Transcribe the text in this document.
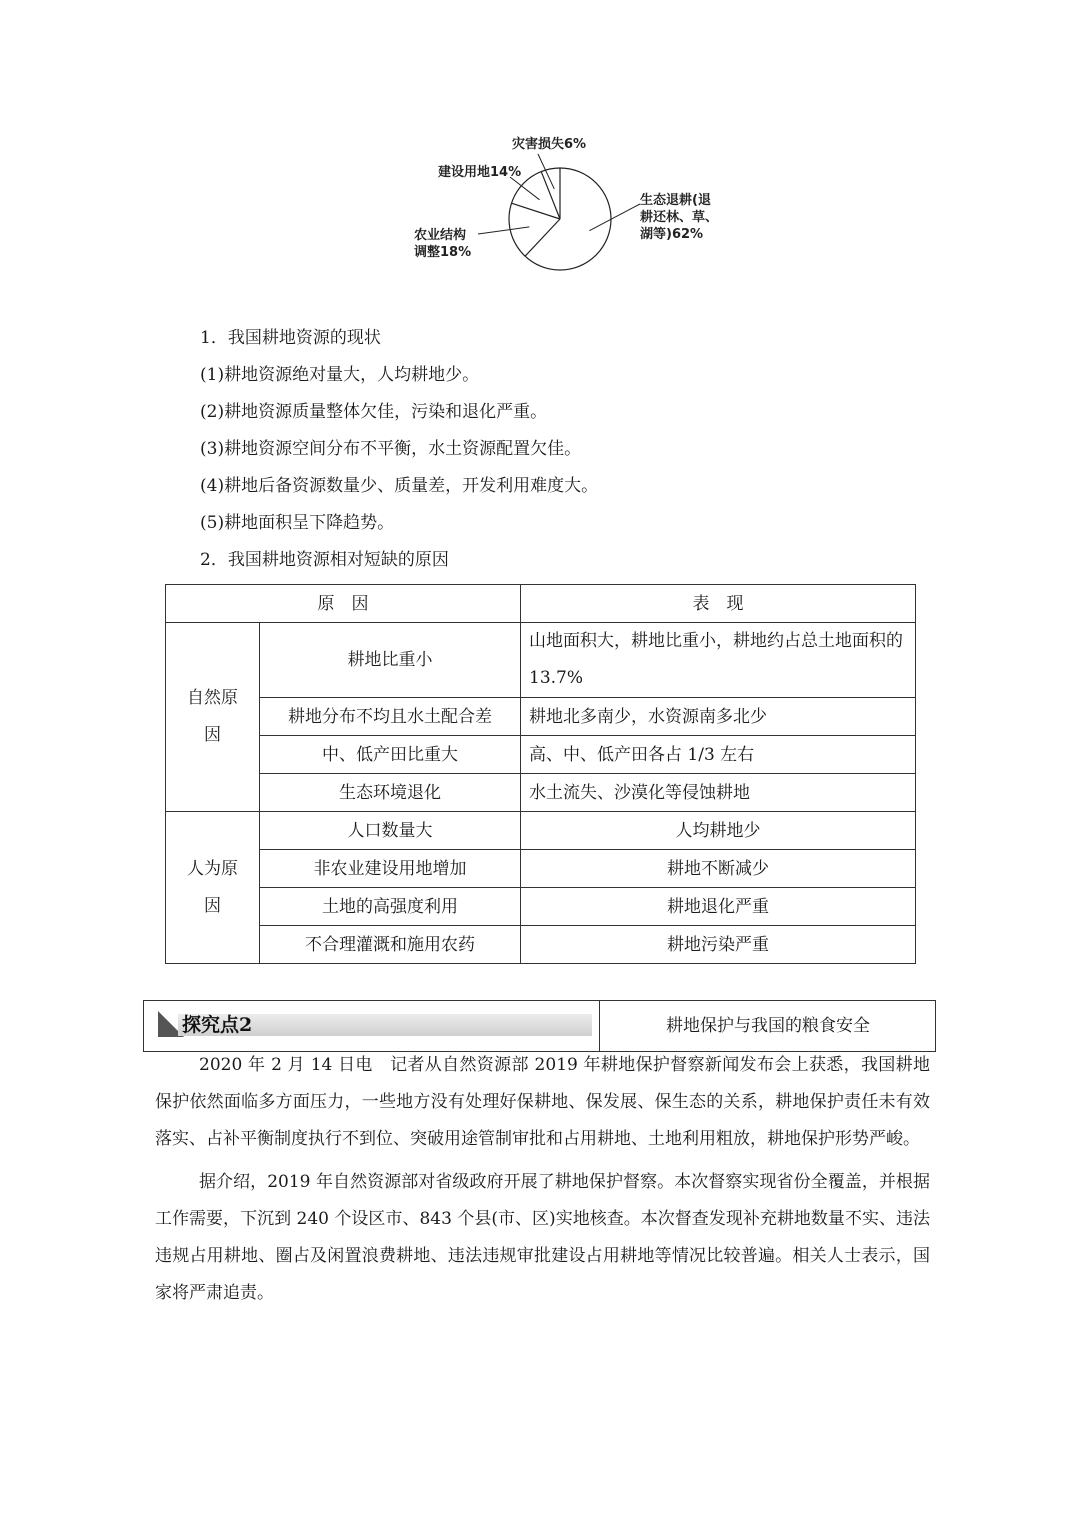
灾害损失6%
建设用地14%
农业结构
调整18%
生态退耕(退
耕还林、草、
湖等)62%
1．我国耕地资源的现状
(1)耕地资源绝对量大，人均耕地少。
(2)耕地资源质量整体欠佳，污染和退化严重。
(3)耕地资源空间分布不平衡，水土资源配置欠佳。
(4)耕地后备资源数量少、质量差，开发利用难度大。
(5)耕地面积呈下降趋势。
2．我国耕地资源相对短缺的原因
原　因		表　现
自然原因	耕地比重小	山地面积大，耕地比重小，耕地约占总土地面积的 13.7%
	耕地分布不均且水土配合差	耕地北多南少，水资源南多北少
	中、低产田比重大	高、中、低产田各占 1/3 左右
	生态环境退化	水土流失、沙漠化等侵蚀耕地
人为原因	人口数量大	人均耕地少
	非农业建设用地增加	耕地不断减少
	土地的高强度利用	耕地退化严重
	不合理灌溉和施用农药	耕地污染严重
探究点2	耕地保护与我国的粮食安全

2020 年 2 月 14 日电　记者从自然资源部 2019 年耕地保护督察新闻发布会上获悉，我国耕地保护依然面临多方面压力，一些地方没有处理好保耕地、保发展、保生态的关系，耕地保护责任未有效落实、占补平衡制度执行不到位、突破用途管制审批和占用耕地、土地利用粗放，耕地保护形势严峻。

据介绍，2019 年自然资源部对省级政府开展了耕地保护督察。本次督察实现省份全覆盖，并根据工作需要，下沉到 240 个设区市、843 个县(市、区)实地核查。本次督查发现补充耕地数量不实、违法违规占用耕地、圈占及闲置浪费耕地、违法违规审批建设占用耕地等情况比较普遍。相关人士表示，国家将严肃追责。
